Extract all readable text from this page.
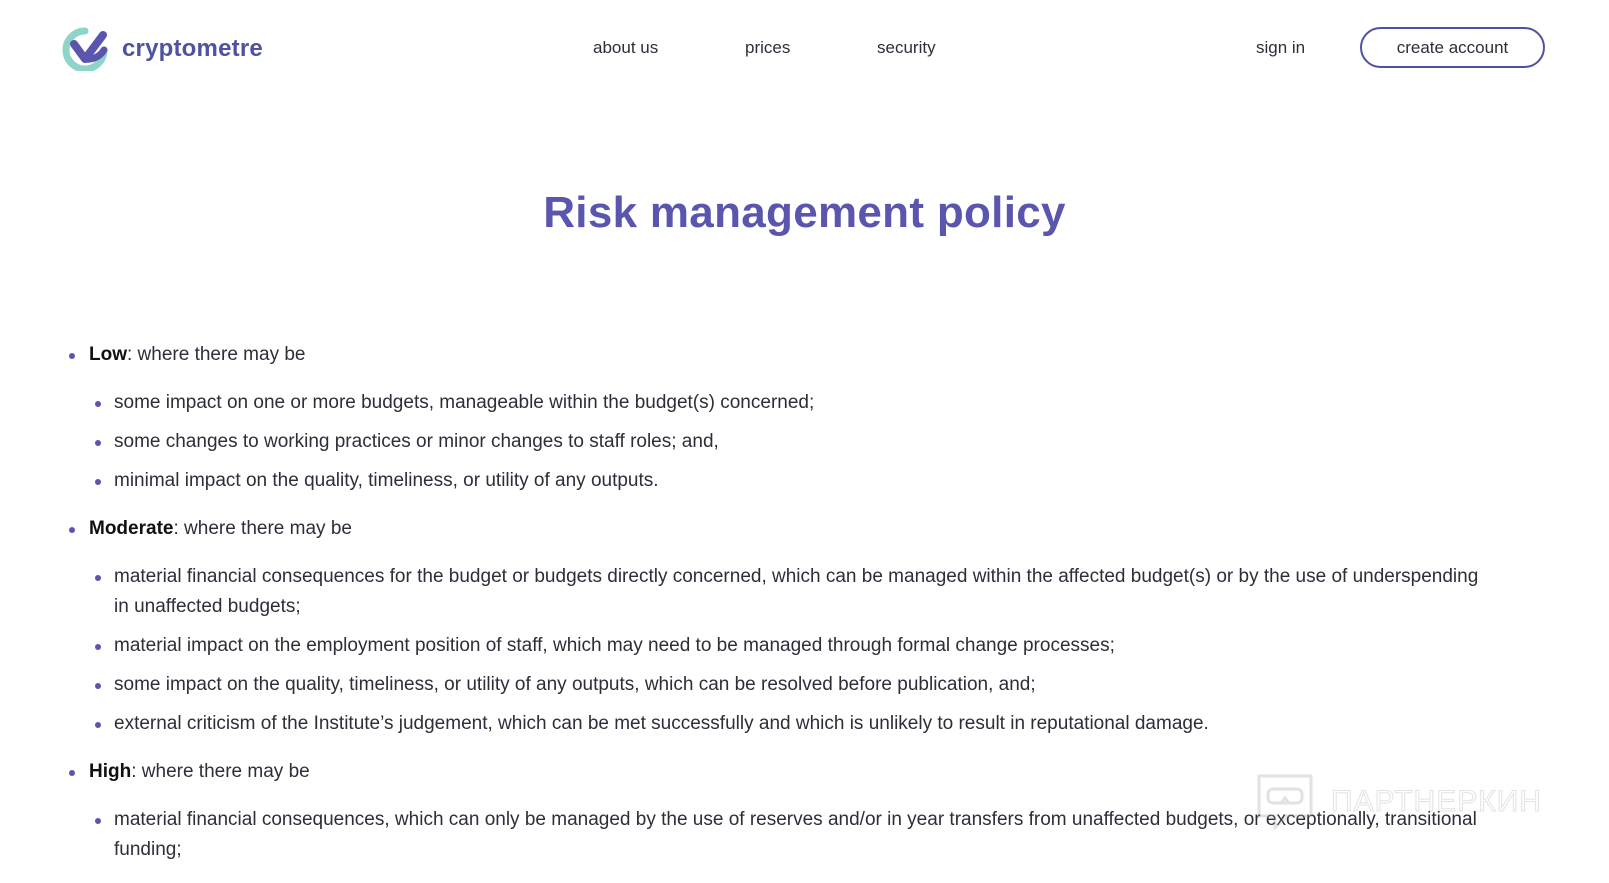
cryptometre	about us	prices	security	sign in	create account
Risk management policy
Low: where there may be
some impact on one or more budgets, manageable within the budget(s) concerned;
some changes to working practices or minor changes to staff roles; and,
minimal impact on the quality, timeliness, or utility of any outputs.
Moderate: where there may be
material financial consequences for the budget or budgets directly concerned, which can be managed within the affected budget(s) or by the use of underspending in unaffected budgets;
material impact on the employment position of staff, which may need to be managed through formal change processes;
some impact on the quality, timeliness, or utility of any outputs, which can be resolved before publication, and;
external criticism of the Institute’s judgement, which can be met successfully and which is unlikely to result in reputational damage.
High: where there may be
material financial consequences, which can only be managed by the use of reserves and/or in year transfers from unaffected budgets, or exceptionally, transitional funding;
ПАРТНЕРКИН
